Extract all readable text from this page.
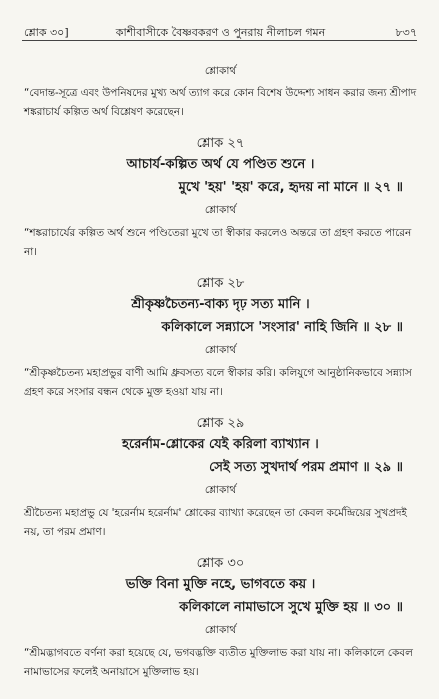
শ্লোক ৩০]	কাশীবাসীকে বৈষ্ণবকরণ ও পুনরায় নীলাচল গমন	৮৩৭
শ্লোকার্থ
“বেদান্ত-সূত্রে এবং উপনিষদের মুখ্য অর্থ ত্যাগ করে কোন বিশেষ উদ্দেশ্য সাধন করার জন্য শ্রীপাদ শঙ্করাচার্য কল্পিত অর্থ বিশ্লেষণ করেছেন।
শ্লোক ২৭
আচার্য-কল্পিত অর্থ যে পণ্ডিত শুনে ।
মুখে 'হয়' 'হয়' করে, হৃদয় না মানে ॥ ২৭ ॥
শ্লোকার্থ
“শঙ্করাচার্যের কল্পিত অর্থ শুনে পণ্ডিতেরা মুখে তা স্বীকার করলেও অন্তরে তা গ্রহণ করতে পারেন না।
শ্লোক ২৮
শ্রীকৃষ্ণচৈতন্য-বাক্য দৃঢ় সত্য মানি ।
কলিকালে সন্ন্যাসে 'সংসার' নাহি জিনি ॥ ২৮ ॥
শ্লোকার্থ
“শ্রীকৃষ্ণচৈতন্য মহাপ্রভুর বাণী আমি ধ্রুবসত্য বলে স্বীকার করি। কলিযুগে আনুষ্ঠানিকভাবে সন্ন্যাস গ্রহণ করে সংসার বন্ধন থেকে মুক্ত হওয়া যায় না।
শ্লোক ২৯
হরের্নাম-শ্লোকের যেই করিলা ব্যাখ্যান ।
সেই সত্য সুখদার্থ পরম প্রমাণ ॥ ২৯ ॥
শ্লোকার্থ
শ্রীচৈতন্য মহাপ্রভু যে 'হরের্নাম হরের্নাম' শ্লোকের ব্যাখ্যা করেছেন তা কেবল কর্মেন্দ্রিয়ের সুখপ্রদই নয়, তা পরম প্রমাণ।
শ্লোক ৩০
ভক্তি বিনা মুক্তি নহে, ভাগবতে কয় ।
কলিকালে নামাভাসে সুখে মুক্তি হয় ॥ ৩০ ॥
শ্লোকার্থ
“শ্রীমদ্ভাগবতে বর্ণনা করা হয়েছে যে, ভগবদ্ভক্তি ব্যতীত মুক্তিলাভ করা যায় না। কলিকালে কেবল নামাভাসের ফলেই অনায়াসে মুক্তিলাভ হয়।
